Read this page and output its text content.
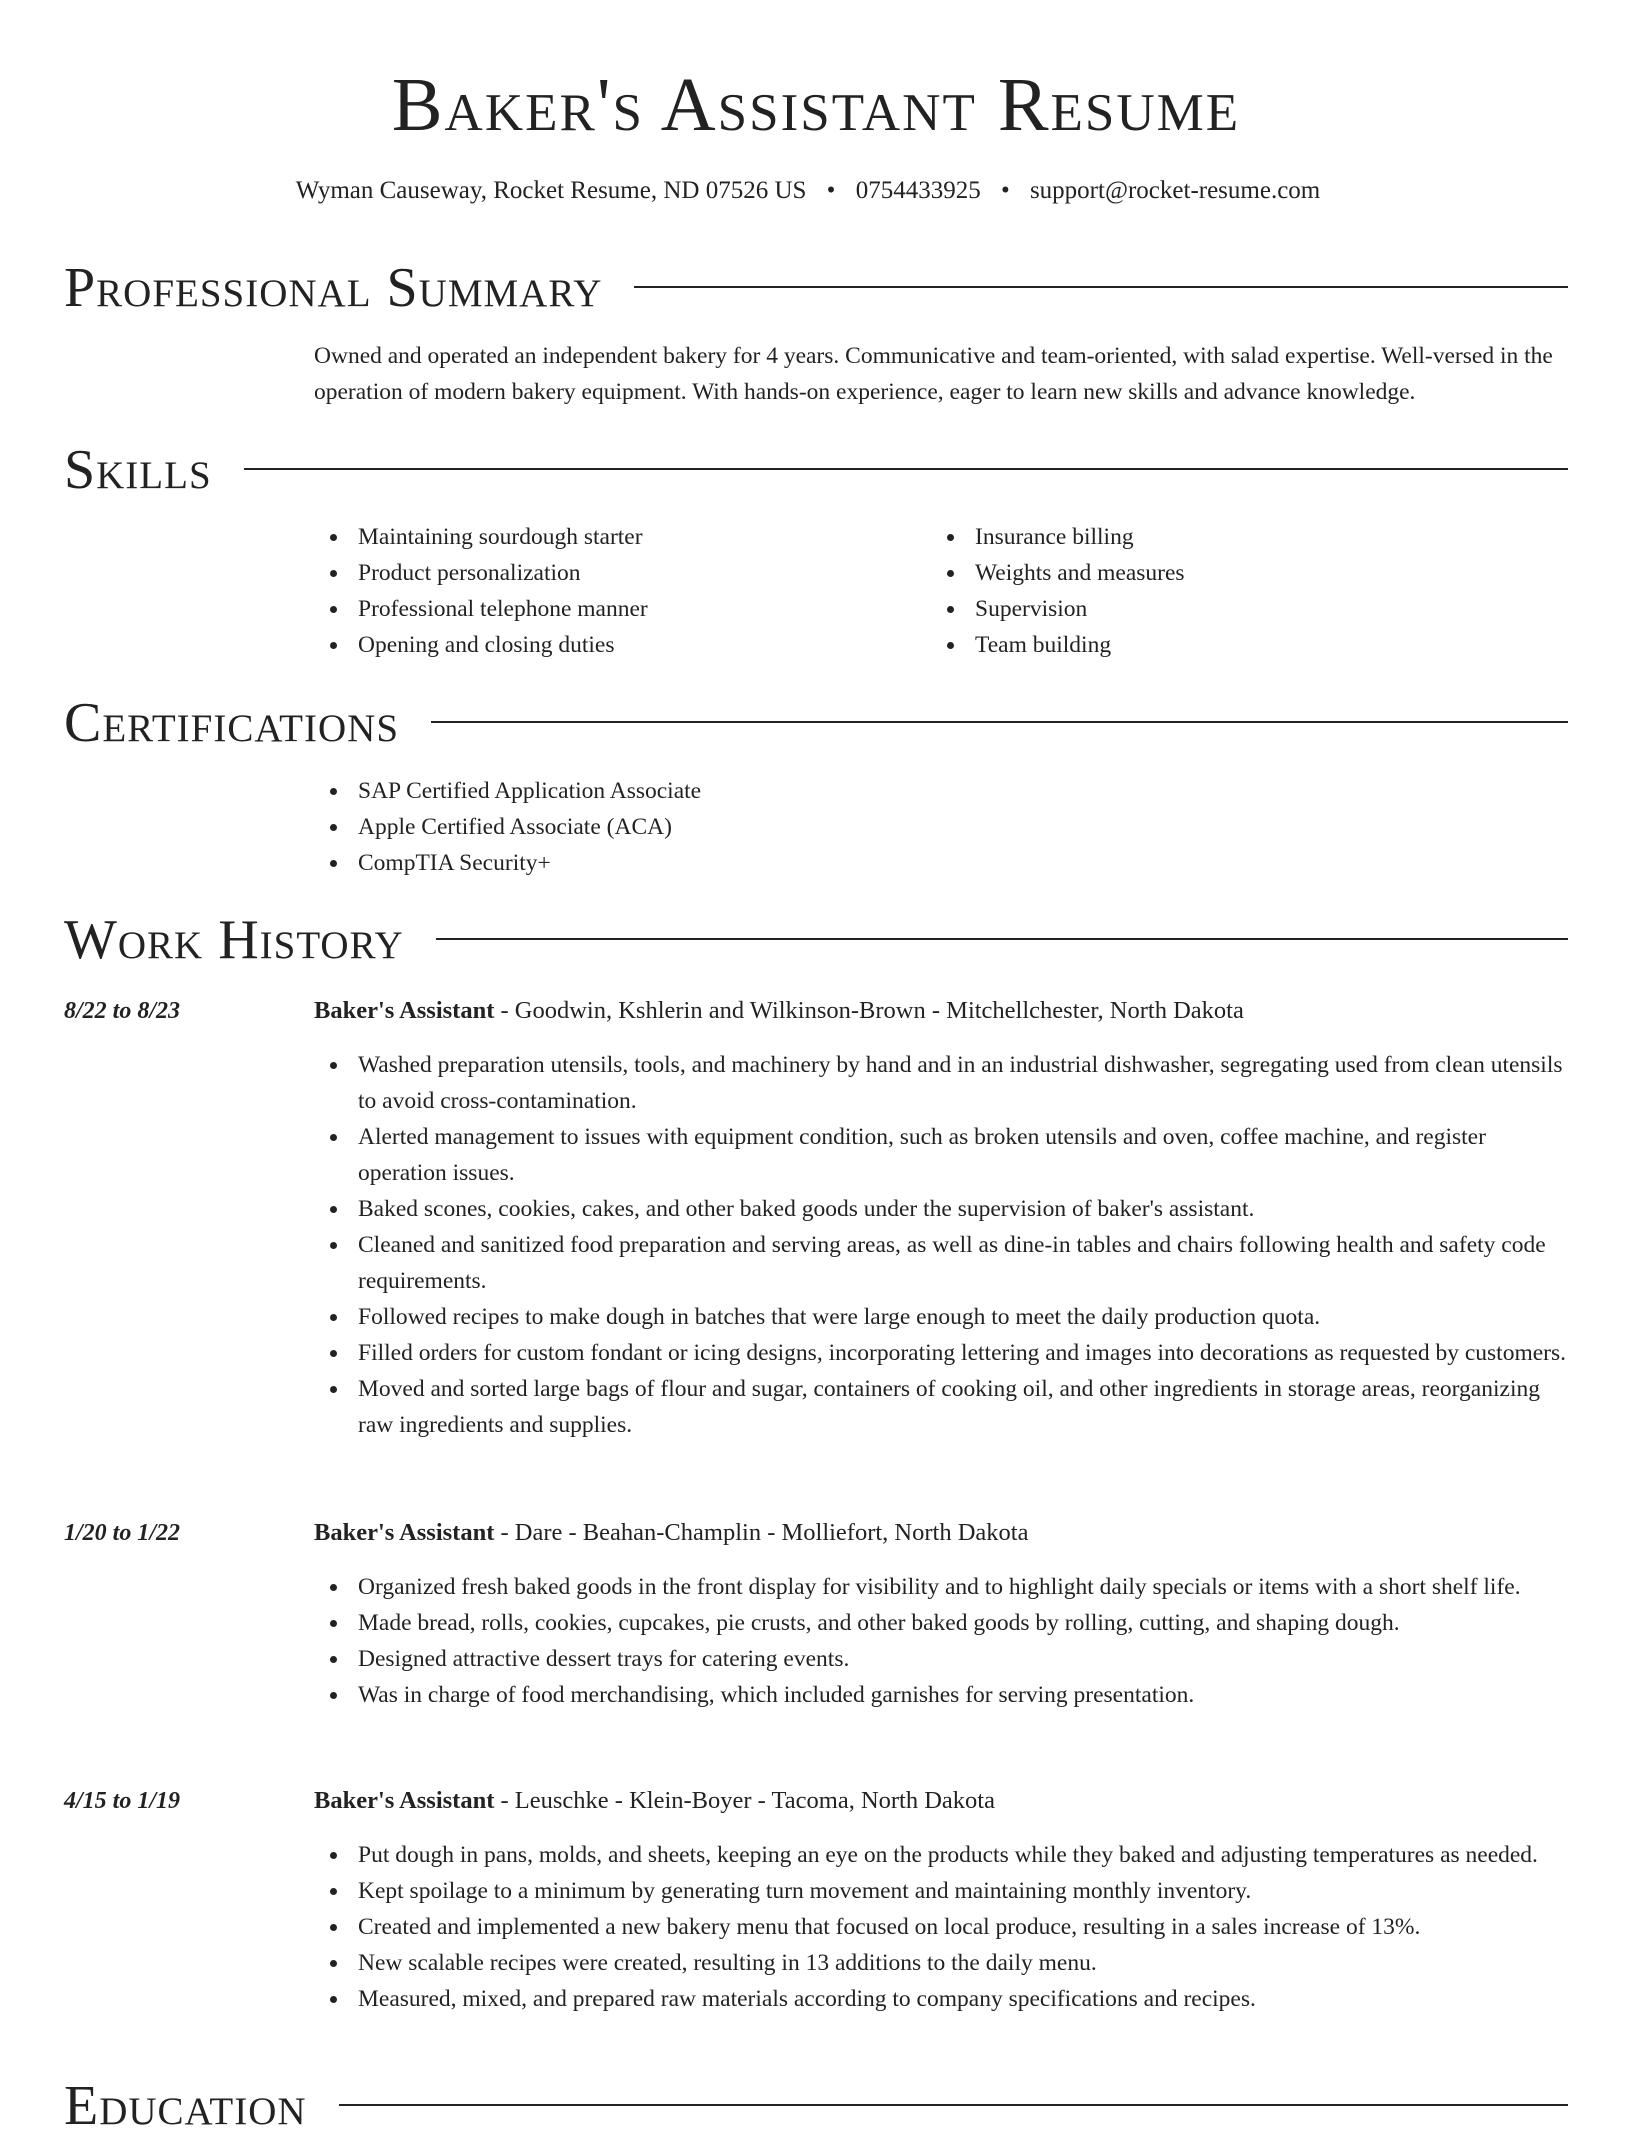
Baker's Assistant Resume
Wyman Causeway, Rocket Resume, ND 07526 US • 0754433925 • support@rocket-resume.com
Professional Summary
Owned and operated an independent bakery for 4 years. Communicative and team-oriented, with salad expertise. Well-versed in the operation of modern bakery equipment. With hands-on experience, eager to learn new skills and advance knowledge.
Skills
Maintaining sourdough starter
Product personalization
Professional telephone manner
Opening and closing duties
Insurance billing
Weights and measures
Supervision
Team building
Certifications
SAP Certified Application Associate
Apple Certified Associate (ACA)
CompTIA Security+
Work History
8/22 to 8/23	Baker's Assistant - Goodwin, Kshlerin and Wilkinson-Brown - Mitchellchester, North Dakota
Washed preparation utensils, tools, and machinery by hand and in an industrial dishwasher, segregating used from clean utensils to avoid cross-contamination.
Alerted management to issues with equipment condition, such as broken utensils and oven, coffee machine, and register operation issues.
Baked scones, cookies, cakes, and other baked goods under the supervision of baker's assistant.
Cleaned and sanitized food preparation and serving areas, as well as dine-in tables and chairs following health and safety code requirements.
Followed recipes to make dough in batches that were large enough to meet the daily production quota.
Filled orders for custom fondant or icing designs, incorporating lettering and images into decorations as requested by customers.
Moved and sorted large bags of flour and sugar, containers of cooking oil, and other ingredients in storage areas, reorganizing raw ingredients and supplies.
1/20 to 1/22	Baker's Assistant - Dare - Beahan-Champlin - Molliefort, North Dakota
Organized fresh baked goods in the front display for visibility and to highlight daily specials or items with a short shelf life.
Made bread, rolls, cookies, cupcakes, pie crusts, and other baked goods by rolling, cutting, and shaping dough.
Designed attractive dessert trays for catering events.
Was in charge of food merchandising, which included garnishes for serving presentation.
4/15 to 1/19	Baker's Assistant - Leuschke - Klein-Boyer - Tacoma, North Dakota
Put dough in pans, molds, and sheets, keeping an eye on the products while they baked and adjusting temperatures as needed.
Kept spoilage to a minimum by generating turn movement and maintaining monthly inventory.
Created and implemented a new bakery menu that focused on local produce, resulting in a sales increase of 13%.
New scalable recipes were created, resulting in 13 additions to the daily menu.
Measured, mixed, and prepared raw materials according to company specifications and recipes.
Education
